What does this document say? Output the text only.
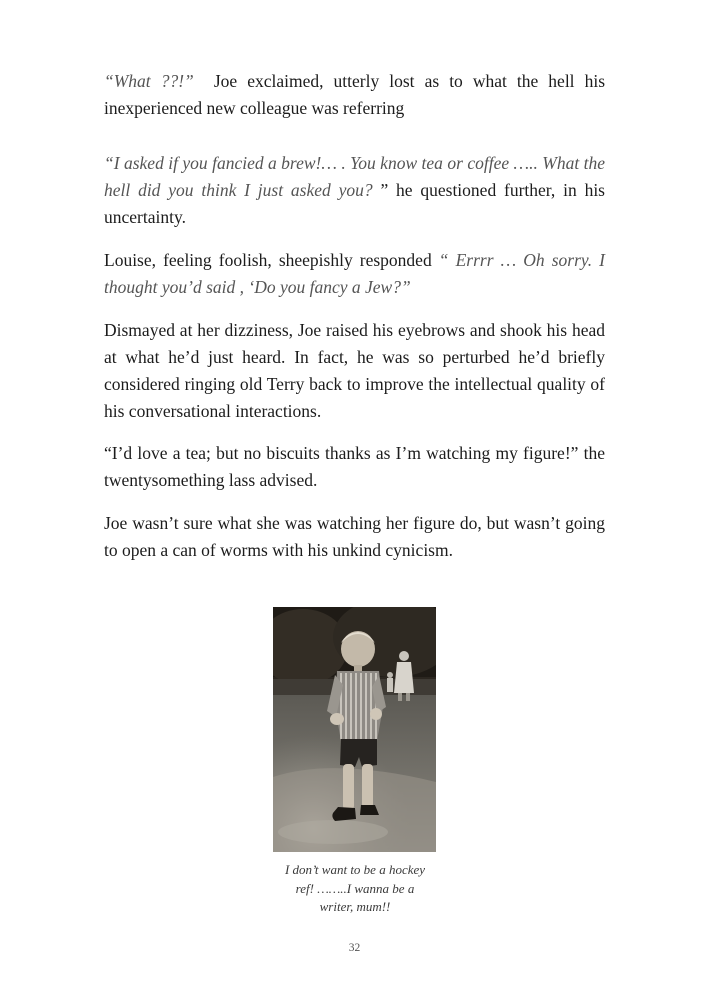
“What ??!”  Joe exclaimed, utterly lost as to what the hell his inexperienced new colleague was referring

“I asked if you fancied a brew!… . You know tea or coffee ….. What the hell did you think I just asked you? ” he questioned further, in his uncertainty.

Louise, feeling foolish, sheepishly responded “ Errrr … Oh sorry. I thought you’d said , ‘Do you fancy a Jew?”

Dismayed at her dizziness, Joe raised his eyebrows and shook his head at what he’d just heard. In fact, he was so perturbed he’d briefly considered ringing old Terry back to improve the intellectual quality of his conversational interactions.

“I’d love a tea; but no biscuits thanks as I’m watching my figure!” the twentysomething lass advised.

Joe wasn’t sure what she was watching her figure do, but wasn’t going to open a can of worms with his unkind cynicism.

I don’t want to be a hockey
ref! ……..I wanna be a
writer, mum!!
32
